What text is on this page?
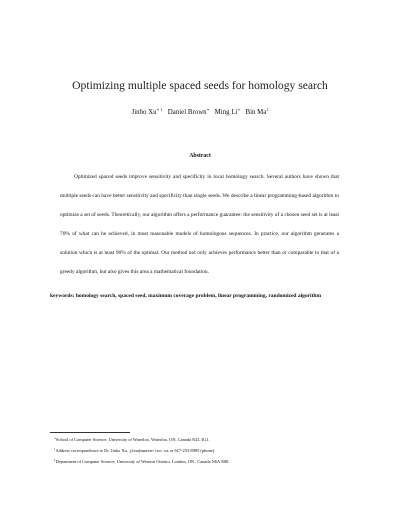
Optimizing multiple spaced seeds for homology search
Jinbo $Xu^{∗ 1}$ Daniel Brown∗ Ming Li∗ Bin Ma‡
Abstract

Optimized spaced seeds improve sensitivity and specificity in local homology search. Several authors have shown that multiple seeds can have better sensitivity and specificity than single seeds. We describe a linear programming-based algorithm to optimize a set of seeds. Theoretically, our algorithm offers a performance guarantee: the sensitivity of a chosen seed set is at least 70% of what can be achieved, in most reasonable models of homologous sequences. In practice, our algorithm generates a solution which is at least 90% of the optimal. Our method not only achieves performance better than or comparable to that of a greedy algorithm, but also gives this area a mathematical foundation.

keywords: homology search, spaced seed, maximum coverage problem, linear programming, randomized algorithm

∗School of Computer Science, University of Waterloo, Waterloo, ON, Canada N2L 3G1.
$^1$Address correspondence to Dr. Jinbo Xu, j3xu@uwaterloo.ca or 617-253-8985 (phone).
‡Department of Computer Science, University of Western Ontario, London, ON , Canada N6A 5B8.
